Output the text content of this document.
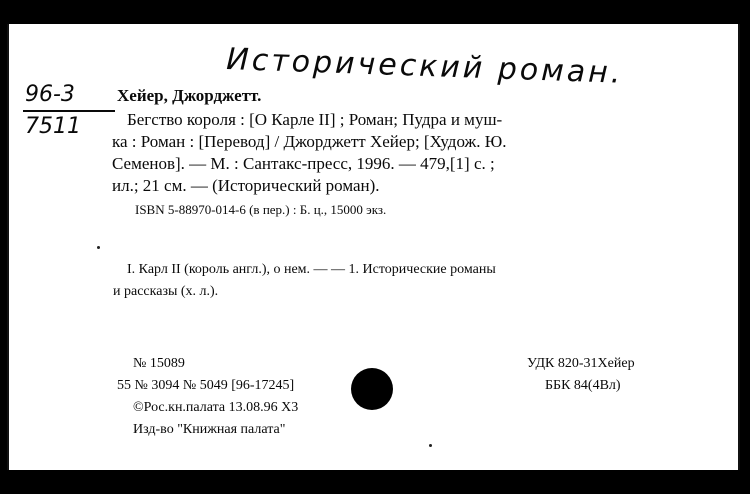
Исторический роман.
96-3
7511
Хейер, Джорджетт.
Бегство короля : [О Карле II] ; Роман; Пудра и муш-
ка : Роман : [Перевод] / Джорджетт Хейер; [Худож. Ю.
Семенов]. — М. : Сантакс-пресс, 1996. — 479,[1] с. ;
ил.; 21 см. — (Исторический роман).
ISBN 5-88970-014-6 (в пер.) : Б. ц., 15000 экз.
I. Карл II (король англ.), о нем. — — 1. Исторические романы
и рассказы (х. л.).
№ 15089
55 № 3094 № 5049 [96-17245]
©Рос.кн.палата 13.08.96 X3
Изд-во "Книжная палата"
УДК 820-31Хейер
ББК 84(4Вл)
